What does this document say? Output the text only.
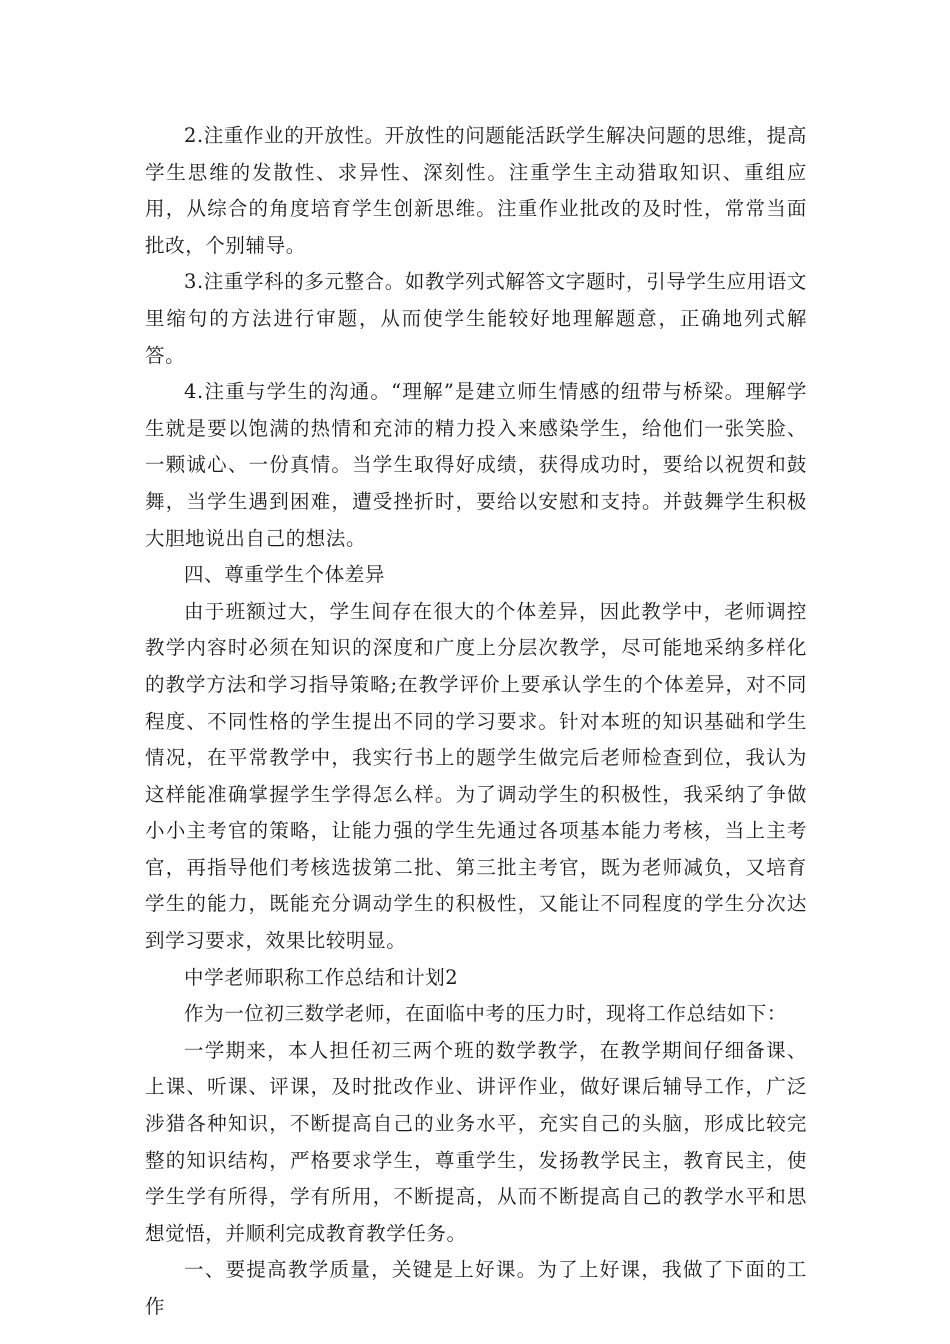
2.注重作业的开放性。开放性的问题能活跃学生解决问题的思维，提高学生思维的发散性、求异性、深刻性。注重学生主动猎取知识、重组应用，从综合的角度培育学生创新思维。注重作业批改的及时性，常常当面批改，个别辅导。

3.注重学科的多元整合。如教学列式解答文字题时，引导学生应用语文里缩句的方法进行审题，从而使学生能较好地理解题意，正确地列式解答。

4.注重与学生的沟通。“理解”是建立师生情感的纽带与桥梁。理解学生就是要以饱满的热情和充沛的精力投入来感染学生，给他们一张笑脸、一颗诚心、一份真情。当学生取得好成绩，获得成功时，要给以祝贺和鼓舞，当学生遇到困难，遭受挫折时，要给以安慰和支持。并鼓舞学生积极大胆地说出自己的想法。

四、尊重学生个体差异

由于班额过大，学生间存在很大的个体差异，因此教学中，老师调控教学内容时必须在知识的深度和广度上分层次教学，尽可能地采纳多样化的教学方法和学习指导策略;在教学评价上要承认学生的个体差异，对不同程度、不同性格的学生提出不同的学习要求。针对本班的知识基础和学生情况，在平常教学中，我实行书上的题学生做完后老师检查到位，我认为这样能准确掌握学生学得怎么样。为了调动学生的积极性，我采纳了争做小小主考官的策略，让能力强的学生先通过各项基本能力考核，当上主考官，再指导他们考核选拔第二批、第三批主考官，既为老师减负，又培育学生的能力，既能充分调动学生的积极性，又能让不同程度的学生分次达到学习要求，效果比较明显。

中学老师职称工作总结和计划2

作为一位初三数学老师，在面临中考的压力时，现将工作总结如下：

一学期来，本人担任初三两个班的数学教学，在教学期间仔细备课、上课、听课、评课，及时批改作业、讲评作业，做好课后辅导工作，广泛涉猎各种知识，不断提高自己的业务水平，充实自己的头脑，形成比较完整的知识结构，严格要求学生，尊重学生，发扬教学民主，教育民主，使学生学有所得，学有所用，不断提高，从而不断提高自己的教学水平和思想觉悟，并顺利完成教育教学任务。

一、要提高教学质量，关键是上好课。为了上好课，我做了下面的工作
